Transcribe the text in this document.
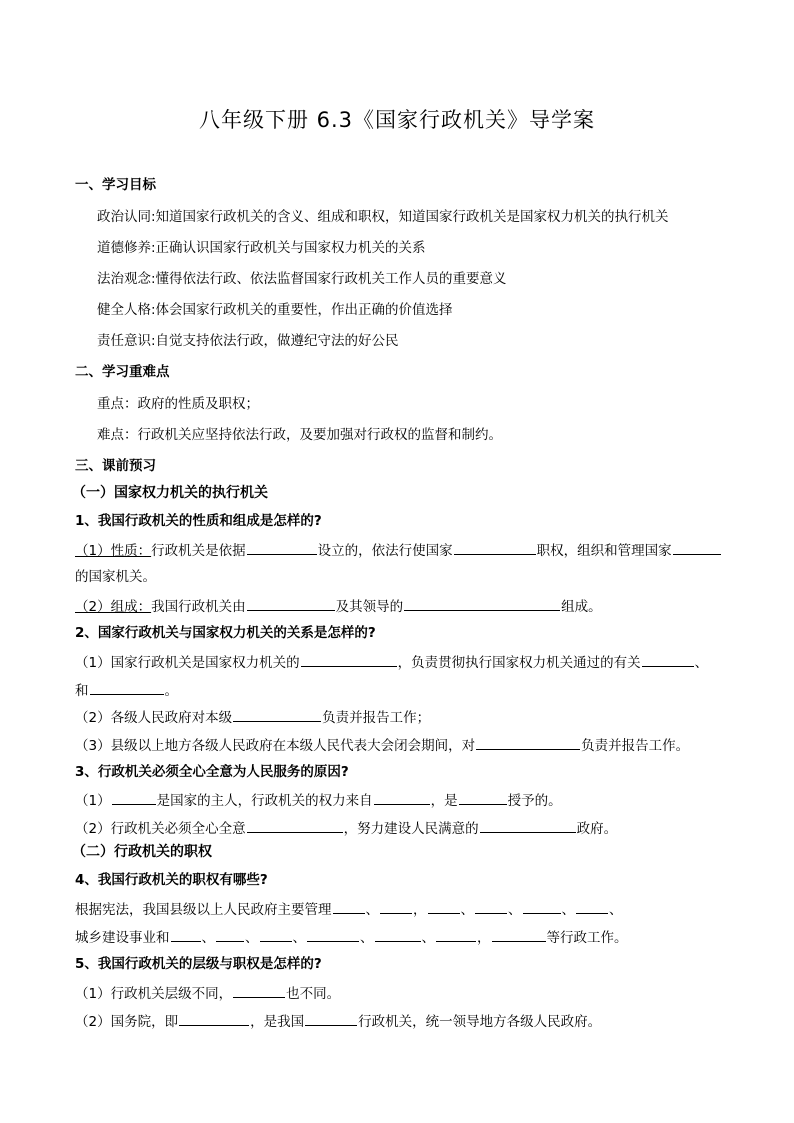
八年级下册 6.3《国家行政机关》导学案
一、学习目标
政治认同:知道国家行政机关的含义、组成和职权，知道国家行政机关是国家权力机关的执行机关
道德修养:正确认识国家行政机关与国家权力机关的关系
法治观念:懂得依法行政、依法监督国家行政机关工作人员的重要意义
健全人格:体会国家行政机关的重要性，作出正确的价值选择
责任意识:自觉支持依法行政，做遵纪守法的好公民
二、学习重难点
重点：政府的性质及职权；
难点：行政机关应坚持依法行政，及要加强对行政权的监督和制约。
三、课前预习
（一）国家权力机关的执行机关
1、我国行政机关的性质和组成是怎样的?
（1）性质：行政机关是依据	设立的，依法行使国家	职权，组织和管理国家
的国家机关。
（2）组成：我国行政机关由	及其领导的	组成。
2、国家行政机关与国家权力机关的关系是怎样的?
（1）国家行政机关是国家权力机关的	，负责贯彻执行国家权力机关通过的有关	、
和	。
（2）各级人民政府对本级	负责并报告工作；
（3）县级以上地方各级人民政府在本级人民代表大会闭会期间，对	负责并报告工作。
3、行政机关必须全心全意为人民服务的原因?
（1）	是国家的主人，行政机关的权力来自	，是	授予的。
（2）行政机关必须全心全意	，努力建设人民满意的	政府。
（二）行政机关的职权
4、我国行政机关的职权有哪些?
根据宪法，我国县级以上人民政府主要管理	、	，	、	、	、	、
城乡建设事业和 、 、	、	、	、	，	等行政工作。
5、我国行政机关的层级与职权是怎样的?
（1）行政机关层级不同，	也不同。
（2）国务院，即	，是我国	行政机关，统一领导地方各级人民政府。
